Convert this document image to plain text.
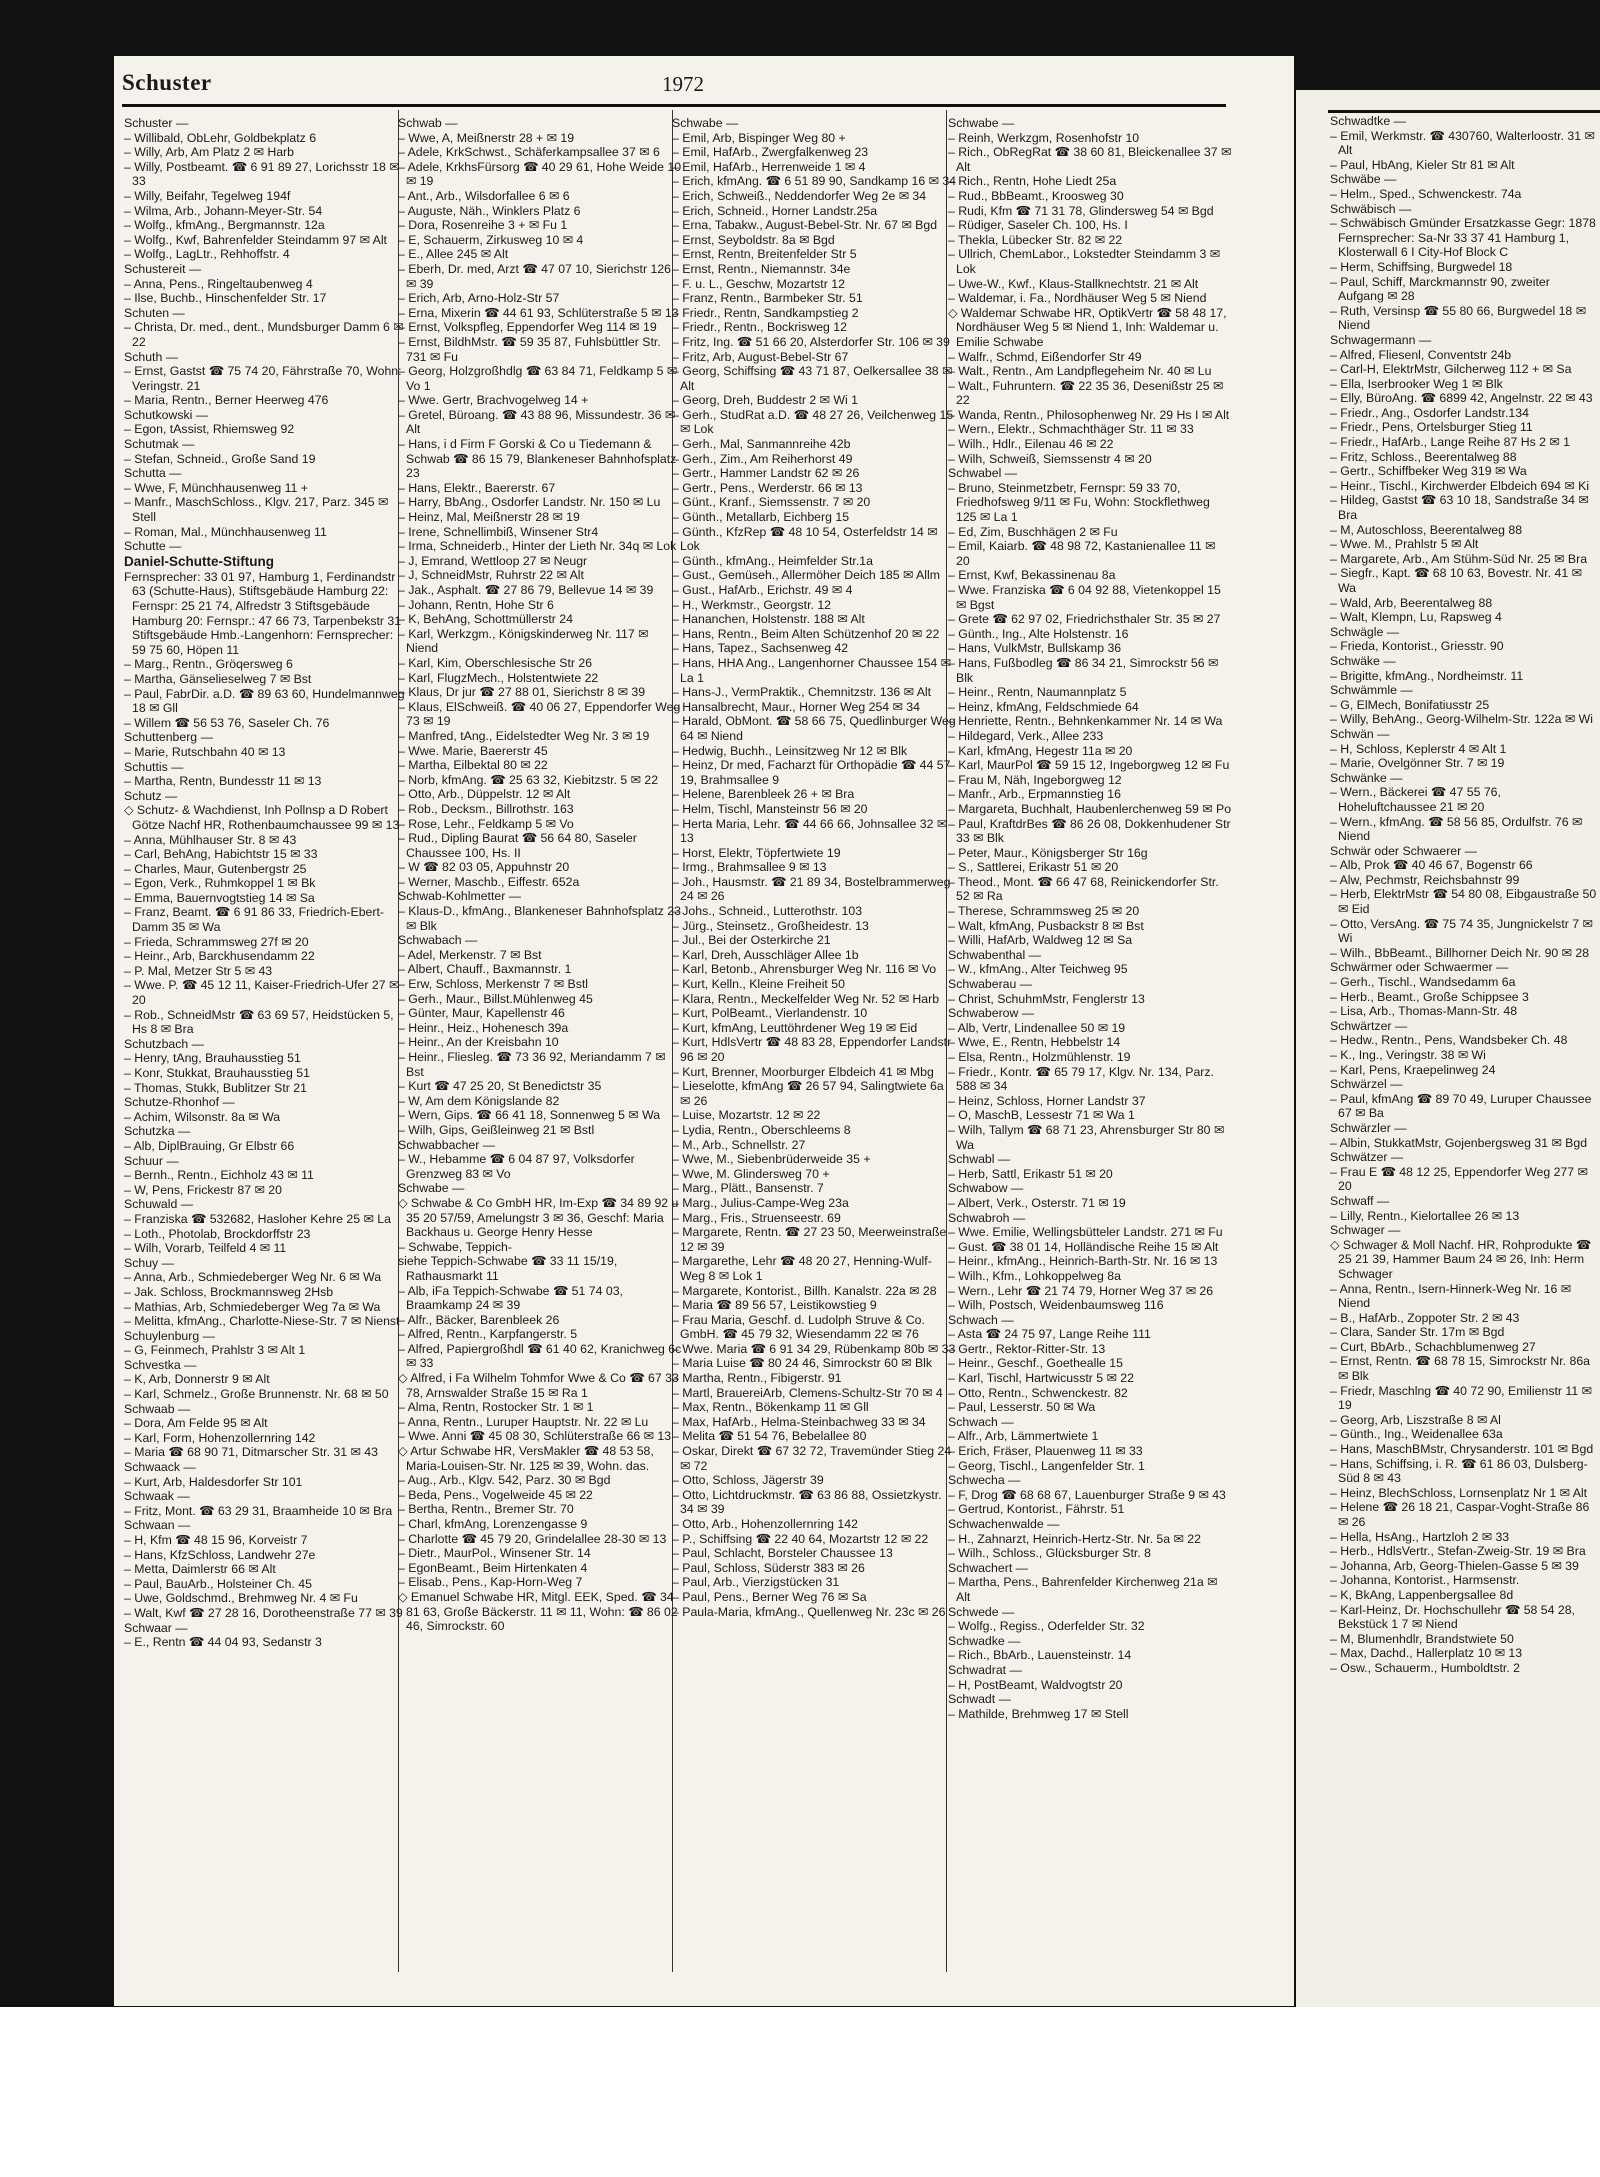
Schuster	1972
Schuster —
– Willibald, ObLehr, Goldbekplatz 6
– Willy, Arb, Am Platz 2 ✉ Harb
– Willy, Postbeamt. ☎ 6 91 89 27, Lorichsstr 18 ✉ 33
– Willy, Beifahr, Tegelweg 194f
– Wilma, Arb., Johann-Meyer-Str. 54
– Wolfg., kfmAng., Bergmannstr. 12a
– Wolfg., Kwf, Bahrenfelder Steindamm 97 ✉ Alt
– Wolfg., LagLtr., Rehhoffstr. 4
Schustereit —
– Anna, Pens., Ringeltaubenweg 4
– Ilse, Buchb., Hinschenfelder Str. 17
Schuten —
– Christa, Dr. med., dent., Mundsburger Damm 6 ✉ 22
Schuth —
– Ernst, Gastst ☎ 75 74 20, Fährstraße 70, Wohn: Veringstr. 21
– Maria, Rentn., Berner Heerweg 476
Schutkowski —
– Egon, tAssist, Rhiemsweg 92
Schutmak —
– Stefan, Schneid., Große Sand 19
Schutta —
– Wwe, F, Münchhausenweg 11 +
– Manfr., MaschSchloss., Klgv. 217, Parz. 345 ✉ Stell
– Roman, Mal., Münchhausenweg 11
Schutte —
Daniel-Schutte-Stiftung
Fernsprecher: 33 01 97, Hamburg 1, Ferdinandstr 63 (Schutte-Haus), Stiftsgebäude Hamburg 22: Fernspr: 25 21 74, Alfredstr 3 Stiftsgebäude Hamburg 20: Fernspr.: 47 66 73, Tarpenbekstr 31 Stiftsgebäude Hmb.-Langenhorn: Fernsprecher: 59 75 60, Höpen 11
– Marg., Rentn., Gröqersweg 6
– Martha, Gänselieselweg 7 ✉ Bst
– Paul, FabrDir. a.D. ☎ 89 63 60, Hundelmannweg 18 ✉ Gll
– Willem ☎ 56 53 76, Saseler Ch. 76
Schuttenberg —
– Marie, Rutschbahn 40 ✉ 13
Schuttis —
– Martha, Rentn, Bundesstr 11 ✉ 13
Schutz —
◇ Schutz- & Wachdienst, Inh Pollnsp a D Robert Götze Nachf HR, Rothenbaumchaussee 99 ✉ 13
– Anna, Mühlhauser Str. 8 ✉ 43
– Carl, BehAng, Habichtstr 15 ✉ 33
– Charles, Maur, Gutenbergstr 25
– Egon, Verk., Ruhmkoppel 1 ✉ Bk
– Emma, Bauernvogtstieg 14 ✉ Sa
– Franz, Beamt. ☎ 6 91 86 33, Friedrich-Ebert-Damm 35 ✉ Wa
– Frieda, Schrammsweg 27f ✉ 20
– Heinr., Arb, Barckhusendamm 22
– P. Mal, Metzer Str 5 ✉ 43
– Wwe. P. ☎ 45 12 11, Kaiser-Friedrich-Ufer 27 ✉ 20
– Rob., SchneidMstr ☎ 63 69 57, Heidstücken 5, Hs 8 ✉ Bra
Schutzbach —
– Henry, tAng, Brauhausstieg 51
– Konr, Stukkat, Brauhausstieg 51
– Thomas, Stukk, Bublitzer Str 21
Schutze-Rhonhof —
– Achim, Wilsonstr. 8a ✉ Wa
Schutzka —
– Alb, DiplBrauing, Gr Elbstr 66
Schuur —
– Bernh., Rentn., Eichholz 43 ✉ 11
– W, Pens, Frickestr 87 ✉ 20
Schuwald —
– Franziska ☎ 532682, Hasloher Kehre 25 ✉ La
– Loth., Photolab, Brockdorffstr 23
– Wilh, Vorarb, Teilfeld 4 ✉ 11
Schuy —
– Anna, Arb., Schmiedeberger Weg Nr. 6 ✉ Wa
– Jak. Schloss, Brockmannsweg 2Hsb
– Mathias, Arb, Schmiedeberger Weg 7a ✉ Wa
– Melitta, kfmAng., Charlotte-Niese-Str. 7 ✉ Nienst
Schuylenburg —
– G, Feinmech, Prahlstr 3 ✉ Alt 1
Schvestka —
– K, Arb, Donnerstr 9 ✉ Alt
– Karl, Schmelz., Große Brunnenstr. Nr. 68 ✉ 50
Schwaab —
– Dora, Am Felde 95 ✉ Alt
– Karl, Form, Hohenzollernring 142
– Maria ☎ 68 90 71, Ditmarscher Str. 31 ✉ 43
Schwaack —
– Kurt, Arb, Haldesdorfer Str 101
Schwaak —
– Fritz, Mont. ☎ 63 29 31, Braamheide 10 ✉ Bra
Schwaan —
– H, Kfm ☎ 48 15 96, Korveistr 7
– Hans, KfzSchloss, Landwehr 27e
– Metta, Daimlerstr 66 ✉ Alt
– Paul, BauArb., Holsteiner Ch. 45
– Uwe, Goldschmd., Brehmweg Nr. 4 ✉ Fu
– Walt, Kwf ☎ 27 28 16, Dorotheenstraße 77 ✉ 39
Schwaar —
– E., Rentn ☎ 44 04 93, Sedanstr 3
Schwab —
– Wwe, A, Meißnerstr 28 + ✉ 19
– Adele, KrkSchwst., Schäferkampsallee 37 ✉ 6
– Adele, KrkhsFürsorg ☎ 40 29 61, Hohe Weide 10 ✉ 19
– Ant., Arb., Wilsdorfallee 6 ✉ 6
– Auguste, Näh., Winklers Platz 6
– Dora, Rosenreihe 3 + ✉ Fu 1
– E, Schauerm, Zirkusweg 10 ✉ 4
– E., Allee 245 ✉ Alt
– Eberh, Dr. med, Arzt ☎ 47 07 10, Sierichstr 126 ✉ 39
– Erich, Arb, Arno-Holz-Str 57
– Erna, Mixerin ☎ 44 61 93, Schlüterstraße 5 ✉ 13
– Ernst, Volkspfleg, Eppendorfer Weg 114 ✉ 19
– Ernst, BildhMstr. ☎ 59 35 87, Fuhlsbüttler Str. 731 ✉ Fu
– Georg, Holzgroßhdlg ☎ 63 84 71, Feldkamp 5 ✉ Vo 1
– Wwe. Gertr, Brachvogelweg 14 +
– Gretel, Büroang. ☎ 43 88 96, Missundestr. 36 ✉ Alt
– Hans, i d Firm F Gorski & Co u Tiedemann & Schwab ☎ 86 15 79, Blankeneser Bahnhofsplatz 23
– Hans, Elektr., Baererstr. 67
– Harry, BbAng., Osdorfer Landstr. Nr. 150 ✉ Lu
– Heinz, Mal, Meißnerstr 28 ✉ 19
– Irene, Schnellimbiß, Winsener Str4
– Irma, Schneiderb., Hinter der Lieth Nr. 34q ✉ Lok
– J, Emrand, Wettloop 27 ✉ Neugr
– J, SchneidMstr, Ruhrstr 22 ✉ Alt
– Jak., Asphalt. ☎ 27 86 79, Bellevue 14 ✉ 39
– Johann, Rentn, Hohe Str 6
– K, BehAng, Schottmüllerstr 24
– Karl, Werkzgm., Königskinderweg Nr. 117 ✉ Niend
– Karl, Kim, Oberschlesische Str 26
– Karl, FlugzMech., Holstentwiete 22
– Klaus, Dr jur ☎ 27 88 01, Sierichstr 8 ✉ 39
– Klaus, ElSchweiß. ☎ 40 06 27, Eppendorfer Weg 73 ✉ 19
– Manfred, tAng., Eidelstedter Weg Nr. 3 ✉ 19
– Wwe. Marie, Baererstr 45
– Martha, Eilbektal 80 ✉ 22
– Norb, kfmAng. ☎ 25 63 32, Kiebitzstr. 5 ✉ 22
– Otto, Arb., Düppelstr. 12 ✉ Alt
– Rob., Decksm., Billrothstr. 163
– Rose, Lehr., Feldkamp 5 ✉ Vo
– Rud., Dipling Baurat ☎ 56 64 80, Saseler Chaussee 100, Hs. II
– W ☎ 82 03 05, Appuhnstr 20
– Werner, Maschb., Eiffestr. 652a
Schwab-Kohlmetter —
– Klaus-D., kfmAng., Blankeneser Bahnhofsplatz 23 ✉ Blk
Schwabach —
– Adel, Merkenstr. 7 ✉ Bst
– Albert, Chauff., Baxmannstr. 1
– Erw, Schloss, Merkenstr 7 ✉ Bstl
– Gerh., Maur., Billst.Mühlenweg 45
– Günter, Maur, Kapellenstr 46
– Heinr., Heiz., Hohenesch 39a
– Heinr., An der Kreisbahn 10
– Heinr., Fliesleg. ☎ 73 36 92, Meriandamm 7 ✉ Bst
– Kurt ☎ 47 25 20, St Benedictstr 35
– W, Am dem Königslande 82
– Wern, Gips. ☎ 66 41 18, Sonnenweg 5 ✉ Wa
– Wilh, Gips, Geißleinweg 21 ✉ Bstl
Schwabbacher —
– W., Hebamme ☎ 6 04 87 97, Volksdorfer Grenzweg 83 ✉ Vo
Schwabe —
◇ Schwabe & Co GmbH HR, Im-Exp ☎ 34 89 92 u 35 20 57/59, Amelungstr 3 ✉ 36, Geschf: Maria Backhaus u. George Henry Hesse
– Schwabe, Teppich-
siehe Teppich-Schwabe ☎ 33 11 15/19, Rathausmarkt 11
– Alb, iFa Teppich-Schwabe ☎ 51 74 03, Braamkamp 24 ✉ 39
– Alfr., Bäcker, Barenbleek 26
– Alfred, Rentn., Karpfangerstr. 5
– Alfred, Papiergroßhdl ☎ 61 40 62, Kranichweg 6c ✉ 33
◇ Alfred, i Fa Wilhelm Tohmfor Wwe & Co ☎ 67 33 78, Arnswalder Straße 15 ✉ Ra 1
– Alma, Rentn, Rostocker Str. 1 ✉ 1
– Anna, Rentn., Luruper Hauptstr. Nr. 22 ✉ Lu
– Wwe. Anni ☎ 45 08 30, Schlüterstraße 66 ✉ 13
◇ Artur Schwabe HR, VersMakler ☎ 48 53 58, Maria-Louisen-Str. Nr. 125 ✉ 39, Wohn. das.
– Aug., Arb., Klgv. 542, Parz. 30 ✉ Bgd
– Beda, Pens., Vogelweide 45 ✉ 22
– Bertha, Rentn., Bremer Str. 70
– Charl, kfmAng, Lorenzengasse 9
– Charlotte ☎ 45 79 20, Grindelallee 28-30 ✉ 13
– Dietr., MaurPol., Winsener Str. 14
– EgonBeamt., Beim Hirtenkaten 4
– Elisab., Pens., Kap-Horn-Weg 7
◇ Emanuel Schwabe HR, Mitgl. EEK, Sped. ☎ 34 81 63, Große Bäckerstr. 11 ✉ 11, Wohn: ☎ 86 02 46, Simrockstr. 60
Schwabe —
– Emil, Arb, Bispinger Weg 80 +
– Emil, HafArb., Zwergfalkenweg 23
– Emil, HafArb., Herrenweide 1 ✉ 4
– Erich, kfmAng. ☎ 6 51 89 90, Sandkamp 16 ✉ 34
– Erich, Schweiß., Neddendorfer Weg 2e ✉ 34
– Erich, Schneid., Horner Landstr.25a
– Erna, Tabakw., August-Bebel-Str. Nr. 67 ✉ Bgd
– Ernst, Seyboldstr. 8a ✉ Bgd
– Ernst, Rentn, Breitenfelder Str 5
– Ernst, Rentn., Niemannstr. 34e
– F. u. L., Geschw, Mozartstr 12
– Franz, Rentn., Barmbeker Str. 51
– Friedr., Rentn, Sandkampstieg 2
– Friedr., Rentn., Bockrisweg 12
– Fritz, Ing. ☎ 51 66 20, Alsterdorfer Str. 106 ✉ 39
– Fritz, Arb, August-Bebel-Str 67
– Georg, Schiffsing ☎ 43 71 87, Oelkersallee 38 ✉ Alt
– Georg, Dreh, Buddestr 2 ✉ Wi 1
– Gerh., StudRat a.D. ☎ 48 27 26, Veilchenweg 15 ✉ Lok
– Gerh., Mal, Sanmannreihe 42b
– Gerh., Zim., Am Reiherhorst 49
– Gertr., Hammer Landstr 62 ✉ 26
– Gertr., Pens., Werderstr. 66 ✉ 13
– Günt., Kranf., Siemssenstr. 7 ✉ 20
– Günth., Metallarb, Eichberg 15
– Günth., KfzRep ☎ 48 10 54, Osterfeldstr 14 ✉ Lok
– Günth., kfmAng., Heimfelder Str.1a
– Gust., Gemüseh., Allermöher Deich 185 ✉ Allm
– Gust., HafArb., Erichstr. 49 ✉ 4
– H., Werkmstr., Georgstr. 12
– Hananchen, Holstenstr. 188 ✉ Alt
– Hans, Rentn., Beim Alten Schützenhof 20 ✉ 22
– Hans, Tapez., Sachsenweg 42
– Hans, HHA Ang., Langenhorner Chaussee 154 ✉ La 1
– Hans-J., VermPraktik., Chemnitzstr. 136 ✉ Alt
– Hansalbrecht, Maur., Horner Weg 254 ✉ 34
– Harald, ObMont. ☎ 58 66 75, Quedlinburger Weg 64 ✉ Niend
– Hedwig, Buchh., Leinsitzweg Nr 12 ✉ Blk
– Heinz, Dr med, Facharzt für Orthopädie ☎ 44 57 19, Brahmsallee 9
– Helene, Barenbleek 26 + ✉ Bra
– Helm, Tischl, Mansteinstr 56 ✉ 20
– Herta Maria, Lehr. ☎ 44 66 66, Johnsallee 32 ✉ 13
– Horst, Elektr, Töpfertwiete 19
– Irmg., Brahmsallee 9 ✉ 13
– Joh., Hausmstr. ☎ 21 89 34, Bostelbrammerweg 24 ✉ 26
– Johs., Schneid., Lutterothstr. 103
– Jürg., Steinsetz., Großheidestr. 13
– Jul., Bei der Osterkirche 21
– Karl, Dreh, Ausschläger Allee 1b
– Karl, Betonb., Ahrensburger Weg Nr. 116 ✉ Vo
– Kurt, Kelln., Kleine Freiheit 50
– Klara, Rentn., Meckelfelder Weg Nr. 52 ✉ Harb
– Kurt, PolBeamt., Vierlandenstr. 10
– Kurt, kfmAng, Leuttöhrdener Weg 19 ✉ Eid
– Kurt, HdlsVertr ☎ 48 83 28, Eppendorfer Landstr 96 ✉ 20
– Kurt, Brenner, Moorburger Elbdeich 41 ✉ Mbg
– Lieselotte, kfmAng ☎ 26 57 94, Salingtwiete 6a ✉ 26
– Luise, Mozartstr. 12 ✉ 22
– Lydia, Rentn., Oberschleems 8
– M., Arb., Schnellstr. 27
– Wwe, M., Siebenbrüderweide 35 +
– Wwe, M. Glindersweg 70 +
– Marg., Plätt., Bansenstr. 7
– Marg., Julius-Campe-Weg 23a
– Marg., Fris., Struenseestr. 69
– Margarete, Rentn. ☎ 27 23 50, Meerweinstraße 12 ✉ 39
– Margarethe, Lehr ☎ 48 20 27, Henning-Wulf-Weg 8 ✉ Lok 1
– Margarete, Kontorist., Billh. Kanalstr. 22a ✉ 28
– Maria ☎ 89 56 57, Leistikowstieg 9
– Frau Maria, Geschf. d. Ludolph Struve & Co. GmbH. ☎ 45 79 32, Wiesendamm 22 ✉ 76
– Wwe. Maria ☎ 6 91 34 29, Rübenkamp 80b ✉ 33
– Maria Luise ☎ 80 24 46, Simrockstr 60 ✉ Blk
– Martha, Rentn., Fibigerstr. 91
– Martl, BrauereiArb, Clemens-Schultz-Str 70 ✉ 4
– Max, Rentn., Bökenkamp 11 ✉ Gll
– Max, HafArb., Helma-Steinbachweg 33 ✉ 34
– Melita ☎ 51 54 76, Bebelallee 80
– Oskar, Direkt ☎ 67 32 72, Travemünder Stieg 24 ✉ 72
– Otto, Schloss, Jägerstr 39
– Otto, Lichtdruckmstr. ☎ 63 86 88, Ossietzkystr. 34 ✉ 39
– Otto, Arb., Hohenzollernring 142
– P., Schiffsing ☎ 22 40 64, Mozartstr 12 ✉ 22
– Paul, Schlacht, Borsteler Chaussee 13
– Paul, Schloss, Süderstr 383 ✉ 26
– Paul, Arb., Vierzigstücken 31
– Paul, Pens., Berner Weg 76 ✉ Sa
– Paula-Maria, kfmAng., Quellenweg Nr. 23c ✉ 26
Schwabe —
– Reinh, Werkzgm, Rosenhofstr 10
– Rich., ObRegRat ☎ 38 60 81, Bleickenallee 37 ✉ Alt
– Rich., Rentn, Hohe Liedt 25a
– Rud., BbBeamt., Kroosweg 30
– Rudi, Kfm ☎ 71 31 78, Glindersweg 54 ✉ Bgd
– Rüdiger, Saseler Ch. 100, Hs. I
– Thekla, Lübecker Str. 82 ✉ 22
– Ullrich, ChemLabor., Lokstedter Steindamm 3 ✉ Lok
– Uwe-W., Kwf., Klaus-Stallknechtstr. 21 ✉ Alt
– Waldemar, i. Fa., Nordhäuser Weg 5 ✉ Niend
◇ Waldemar Schwabe HR, OptikVertr ☎ 58 48 17, Nordhäuser Weg 5 ✉ Niend 1, Inh: Waldemar u. Emilie Schwabe
– Walfr., Schmd, Eißendorfer Str 49
– Walt., Rentn., Am Landpflegeheim Nr. 40 ✉ Lu
– Walt., Fuhruntern. ☎ 22 35 36, Desenißstr 25 ✉ 22
– Wanda, Rentn., Philosophenweg Nr. 29 Hs I ✉ Alt
– Wern., Elektr., Schmachthäger Str. 11 ✉ 33
– Wilh., Hdlr., Eilenau 46 ✉ 22
– Wilh, Schweiß, Siemssenstr 4 ✉ 20
Schwabel —
– Bruno, Steinmetzbetr, Fernspr: 59 33 70, Friedhofsweg 9/11 ✉ Fu, Wohn: Stockflethweg 125 ✉ La 1
– Ed, Zim, Buschhägen 2 ✉ Fu
– Emil, Kaiarb. ☎ 48 98 72, Kastanienallee 11 ✉ 20
– Ernst, Kwf, Bekassinenau 8a
– Wwe. Franziska ☎ 6 04 92 88, Vietenkoppel 15 ✉ Bgst
– Grete ☎ 62 97 02, Friedrichsthaler Str. 35 ✉ 27
– Günth., Ing., Alte Holstenstr. 16
– Hans, VulkMstr, Bullskamp 36
– Hans, Fußbodleg ☎ 86 34 21, Simrockstr 56 ✉ Blk
– Heinr., Rentn, Naumannplatz 5
– Heinz, kfmAng, Feldschmiede 64
– Henriette, Rentn., Behnkenkammer Nr. 14 ✉ Wa
– Hildegard, Verk., Allee 233
– Karl, kfmAng, Hegestr 11a ✉ 20
– Karl, MaurPol ☎ 59 15 12, Ingeborgweg 12 ✉ Fu
– Frau M, Näh, Ingeborgweg 12
– Manfr., Arb., Erpmannstieg 16
– Margareta, Buchhalt, Haubenlerchenweg 59 ✉ Po
– Paul, KraftdrBes ☎ 86 26 08, Dokkenhudener Str 33 ✉ Blk
– Peter, Maur., Königsberger Str 16g
– S., Sattlerei, Erikastr 51 ✉ 20
– Theod., Mont. ☎ 66 47 68, Reinickendorfer Str. 52 ✉ Ra
– Therese, Schrammsweg 25 ✉ 20
– Walt, kfmAng, Pusbackstr 8 ✉ Bst
– Willi, HafArb, Waldweg 12 ✉ Sa
Schwabenthal —
– W., kfmAng., Alter Teichweg 95
Schwaberau —
– Christ, SchuhmMstr, Fenglerstr 13
Schwaberow —
– Alb, Vertr, Lindenallee 50 ✉ 19
– Wwe, E., Rentn, Hebbelstr 14
– Elsa, Rentn., Holzmühlenstr. 19
– Friedr., Kontr. ☎ 65 79 17, Klgv. Nr. 134, Parz. 588 ✉ 34
– Heinz, Schloss, Horner Landstr 37
– O, MaschB, Lessestr 71 ✉ Wa 1
– Wilh, Tallym ☎ 68 71 23, Ahrensburger Str 80 ✉ Wa
Schwabl —
– Herb, Sattl, Erikastr 51 ✉ 20
Schwabow —
– Albert, Verk., Osterstr. 71 ✉ 19
Schwabroh —
– Wwe. Emilie, Wellingsbütteler Landstr. 271 ✉ Fu
– Gust. ☎ 38 01 14, Holländische Reihe 15 ✉ Alt
– Heinr., kfmAng., Heinrich-Barth-Str. Nr. 16 ✉ 13
– Wilh., Kfm., Lohkoppelweg 8a
– Wern., Lehr ☎ 21 74 79, Horner Weg 37 ✉ 26
– Wilh, Postsch, Weidenbaumsweg 116
Schwach —
– Asta ☎ 24 75 97, Lange Reihe 111
– Gertr., Rektor-Ritter-Str. 13
– Heinr., Geschf., Goethealle 15
– Karl, Tischl, Hartwicusstr 5 ✉ 22
– Otto, Rentn., Schwenckestr. 82
– Paul, Lesserstr. 50 ✉ Wa
Schwach —
– Alfr., Arb, Lämmertwiete 1
– Erich, Fräser, Plauenweg 11 ✉ 33
– Georg, Tischl., Langenfelder Str. 1
Schwecha —
– F, Drog ☎ 68 68 67, Lauenburger Straße 9 ✉ 43
– Gertrud, Kontorist., Fährstr. 51
Schwachenwalde —
– H., Zahnarzt, Heinrich-Hertz-Str. Nr. 5a ✉ 22
– Wilh., Schloss., Glücksburger Str. 8
Schwachert —
– Martha, Pens., Bahrenfelder Kirchenweg 21a ✉ Alt
Schwede —
– Wolfg., Regiss., Oderfelder Str. 32
Schwadke —
– Rich., BbArb., Lauensteinstr. 14
Schwadrat —
– H, PostBeamt, Waldvogtstr 20
Schwadt —
– Mathilde, Brehmweg 17 ✉ Stell
Schwadtke —
– Emil, Werkmstr. ☎ 430760, Walterloostr. 31 ✉ Alt
– Paul, HbAng, Kieler Str 81 ✉ Alt
Schwäbe —
– Helm., Sped., Schwenckestr. 74a
Schwäbisch —
– Schwäbisch Gmünder Ersatzkasse Gegr: 1878 Fernsprecher: Sa-Nr 33 37 41 Hamburg 1, Klosterwall 6 I City-Hof Block C
– Herm, Schiffsing, Burgwedel 18
– Paul, Schiff, Marckmannstr 90, zweiter Aufgang ✉ 28
– Ruth, Versinsp ☎ 55 80 66, Burgwedel 18 ✉ Niend
Schwagermann —
– Alfred, Fliesenl, Conventstr 24b
– Carl-H, ElektrMstr, Gilcherweg 112 + ✉ Sa
– Ella, Iserbrooker Weg 1 ✉ Blk
– Elly, BüroAng. ☎ 6899 42, Angelnstr. 22 ✉ 43
– Friedr., Ang., Osdorfer Landstr.134
– Friedr., Pens, Ortelsburger Stieg 11
– Friedr., HafArb., Lange Reihe 87 Hs 2 ✉ 1
– Fritz, Schloss., Beerentalweg 88
– Gertr., Schiffbeker Weg 319 ✉ Wa
– Heinr., Tischl., Kirchwerder Elbdeich 694 ✉ Ki
– Hildeg, Gastst ☎ 63 10 18, Sandstraße 34 ✉ Bra
– M, Autoschloss, Beerentalweg 88
– Wwe. M., Prahlstr 5 ✉ Alt
– Margarete, Arb., Am Stühm-Süd Nr. 25 ✉ Bra
– Siegfr., Kapt. ☎ 68 10 63, Bovestr. Nr. 41 ✉ Wa
– Wald, Arb, Beerentalweg 88
– Walt, Klempn, Lu, Rapsweg 4
Schwägle —
– Frieda, Kontorist., Griesstr. 90
Schwäke —
– Brigitte, kfmAng., Nordheimstr. 11
Schwämmle —
– G, ElMech, Bonifatiusstr 25
– Willy, BehAng., Georg-Wilhelm-Str. 122a ✉ Wi
Schwän —
– H, Schloss, Keplerstr 4 ✉ Alt 1
– Marie, Ovelgönner Str. 7 ✉ 19
Schwänke —
– Wern., Bäckerei ☎ 47 55 76, Hoheluftchaussee 21 ✉ 20
– Wern., kfmAng. ☎ 58 56 85, Ordulfstr. 76 ✉ Niend
Schwär oder Schwaerer —
– Alb, Prok ☎ 40 46 67, Bogenstr 66
– Alw, Pechmstr, Reichsbahnstr 99
– Herb, ElektrMstr ☎ 54 80 08, Eibgaustraße 50 ✉ Eid
– Otto, VersAng. ☎ 75 74 35, Jungnickelstr 7 ✉ Wi
– Wilh., BbBeamt., Billhorner Deich Nr. 90 ✉ 28
Schwärmer oder Schwaermer —
– Gerh., Tischl., Wandsedamm 6a
– Herb., Beamt., Große Schippsee 3
– Lisa, Arb., Thomas-Mann-Str. 48
Schwärtzer —
– Hedw., Rentn., Pens, Wandsbeker Ch. 48
– K., Ing., Veringstr. 38 ✉ Wi
– Karl, Pens, Kraepelinweg 24
Schwärzel —
– Paul, kfmAng ☎ 89 70 49, Luruper Chaussee 67 ✉ Ba
Schwärzler —
– Albin, StukkatMstr, Gojenbergsweg 31 ✉ Bgd
Schwätzer —
– Frau E ☎ 48 12 25, Eppendorfer Weg 277 ✉ 20
Schwaff —
– Lilly, Rentn., Kielortallee 26 ✉ 13
Schwager —
◇ Schwager & Moll Nachf. HR, Rohprodukte ☎ 25 21 39, Hammer Baum 24 ✉ 26, Inh: Herm Schwager
– Anna, Rentn., Isern-Hinnerk-Weg Nr. 16 ✉ Niend
– B., HafArb., Zoppoter Str. 2 ✉ 43
– Clara, Sander Str. 17m ✉ Bgd
– Curt, BbArb., Schachblumenweg 27
– Ernst, Rentn. ☎ 68 78 15, Simrockstr Nr. 86a ✉ Blk
– Friedr, Maschlng ☎ 40 72 90, Emilienstr 11 ✉ 19
– Georg, Arb, Liszstraße 8 ✉ Al
– Günth., Ing., Weidenallee 63a
– Hans, MaschBMstr, Chrysanderstr. 101 ✉ Bgd
– Hans, Schiffsing, i. R. ☎ 61 86 03, Dulsberg-Süd 8 ✉ 43
– Heinz, BlechSchloss, Lornsenplatz Nr 1 ✉ Alt
– Helene ☎ 26 18 21, Caspar-Voght-Straße 86 ✉ 26
– Hella, HsAng., Hartzloh 2 ✉ 33
– Herb., HdlsVertr., Stefan-Zweig-Str. 19 ✉ Bra
– Johanna, Arb, Georg-Thielen-Gasse 5 ✉ 39
– Johanna, Kontorist., Harmsenstr.
– K, BkAng, Lappenbergsallee 8d
– Karl-Heinz, Dr. Hochschullehr ☎ 58 54 28, Bekstück 1 7 ✉ Niend
– M, Blumenhdlr, Brandstwiete 50
– Max, Dachd., Hallerplatz 10 ✉ 13
– Osw., Schauerm., Humboldtstr. 2
